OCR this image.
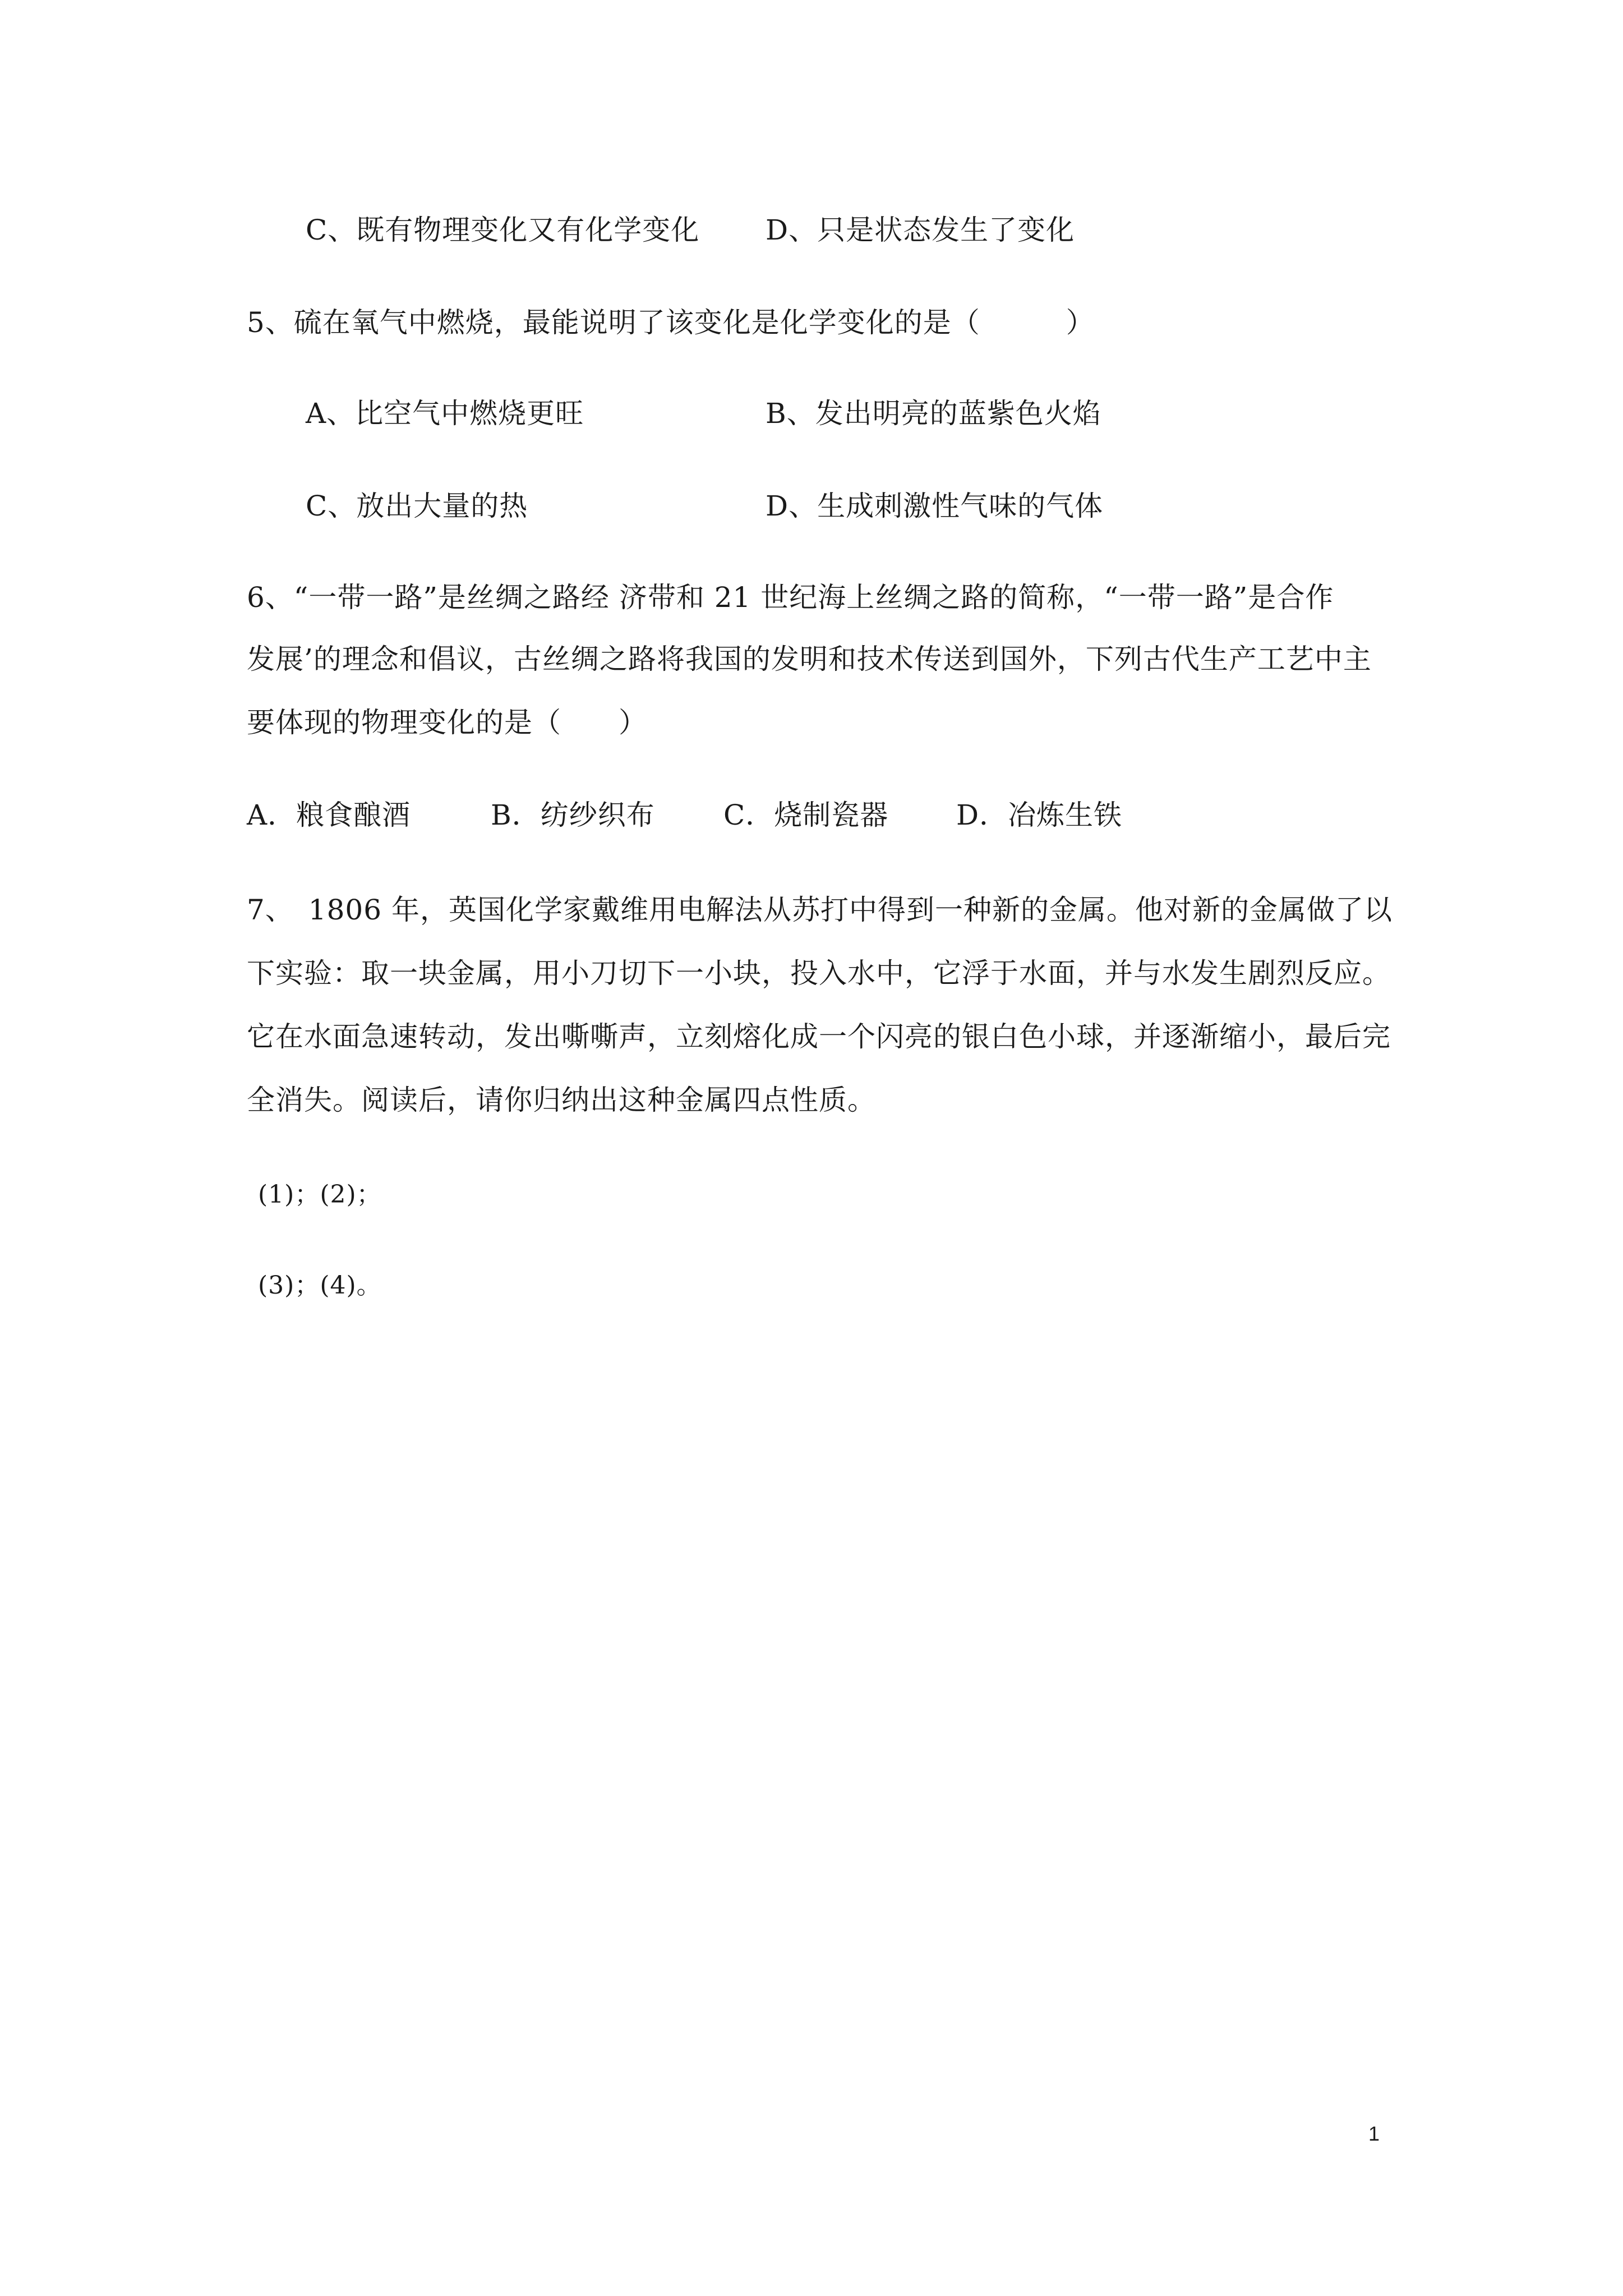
C、既有物理变化又有化学变化 D、只是状态发生了变化
5、硫在氧气中燃烧，最能说明了该变化是化学变化的是（　　　）
A、比空气中燃烧更旺	B、发出明亮的蓝紫色火焰
C、放出大量的热	D、生成刺激性气味的气体
6、“一带一路”是丝绸之路经 济带和 21 世纪海上丝绸之路的简称，“一带一路”是合作
发展’的理念和倡议，古丝绸之路将我国的发明和技术传送到国外，下列古代生产工艺中主
要体现的物理变化的是（　　）
A．粮食酿酒	B．纺纱织布 C．烧制瓷器 D．冶炼生铁
7、　1806 年，英国化学家戴维用电解法从苏打中得到一种新的金属。他对新的金属做了以
下实验：取一块金属，用小刀切下一小块，投入水中，它浮于水面，并与水发生剧烈反应。
它在水面急速转动，发出嘶嘶声，立刻熔化成一个闪亮的银白色小球，并逐渐缩小，最后完
全消失。阅读后，请你归纳出这种金属四点性质。
(1)；(2)；
(3)；(4)。
1
